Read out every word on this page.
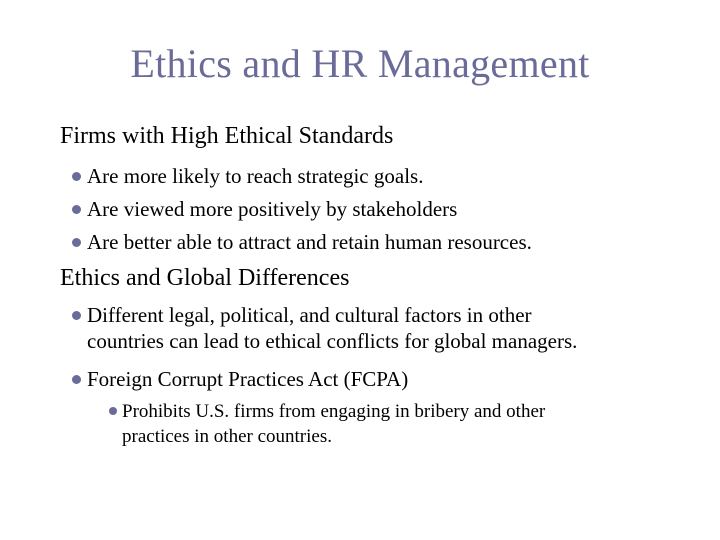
Ethics and HR Management
Firms with High Ethical Standards
Are more likely to reach strategic goals.
Are viewed more positively by stakeholders
Are better able to attract and retain human resources.
Ethics and Global Differences
Different legal, political, and cultural factors in other
countries can lead to ethical conflicts for global managers.
Foreign Corrupt Practices Act (FCPA)
Prohibits U.S. firms from engaging in bribery and other
practices in other countries.
